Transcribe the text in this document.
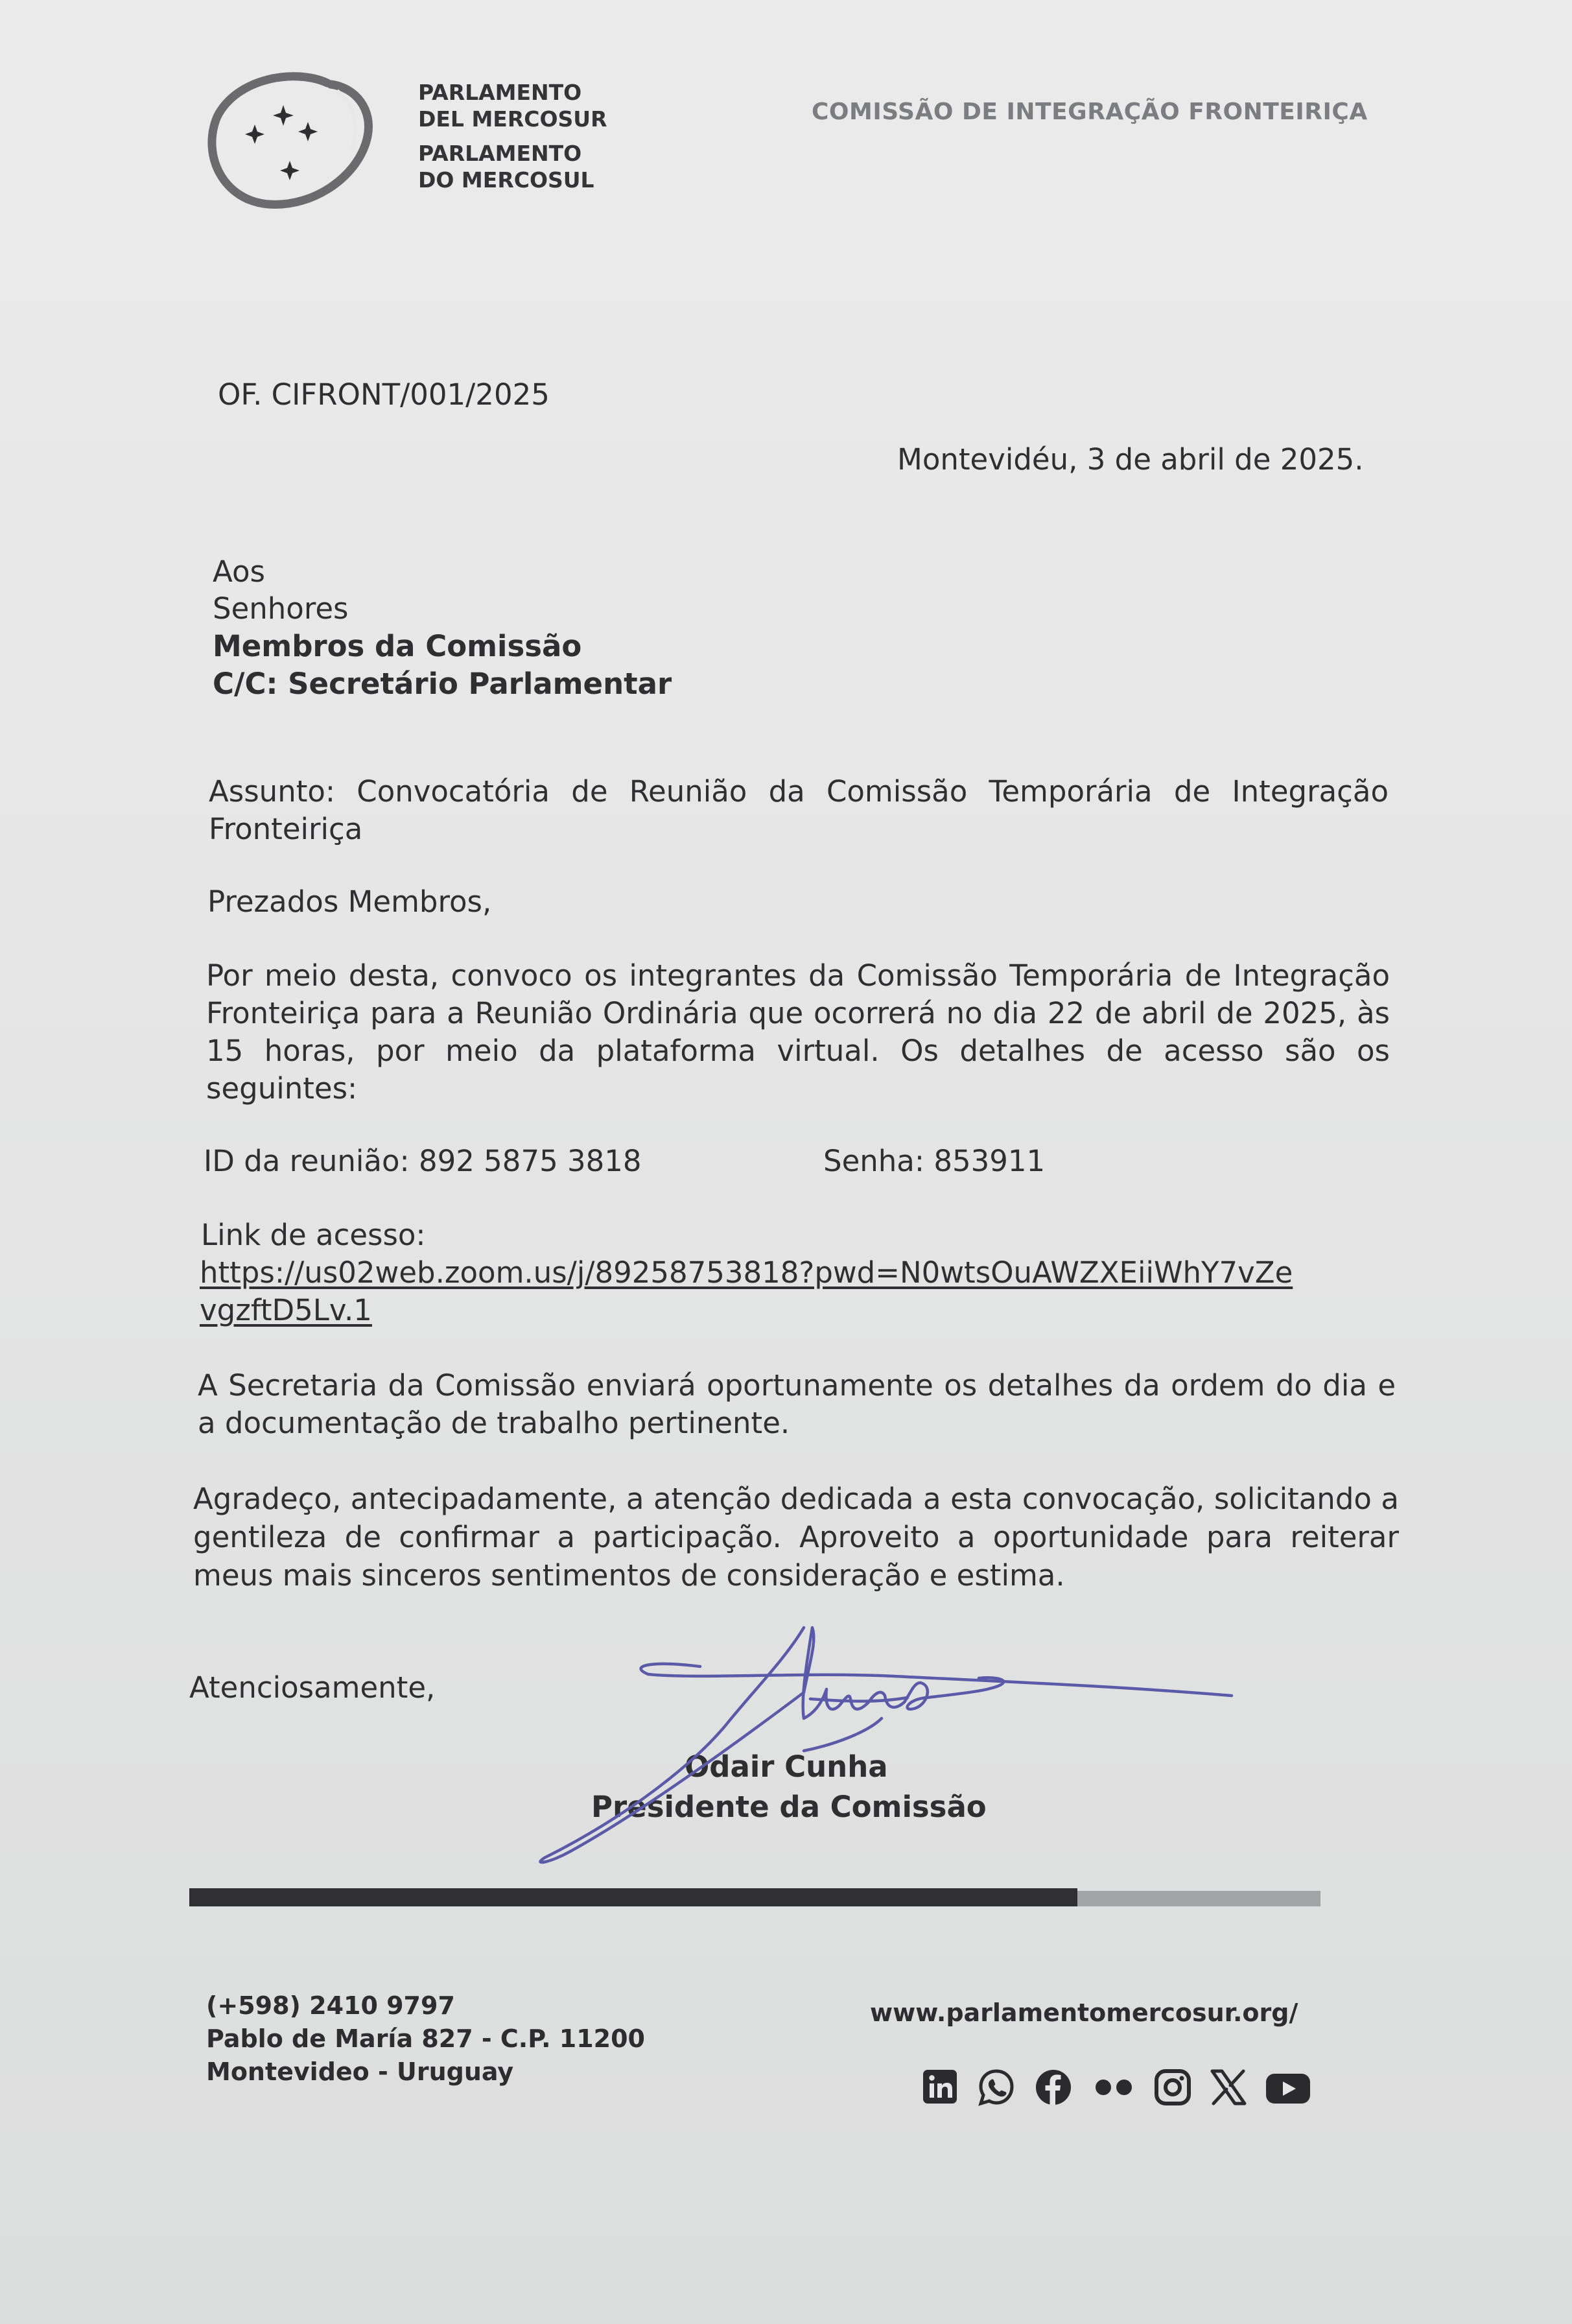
PARLAMENTO
DEL MERCOSUR
PARLAMENTO
DO MERCOSUL
COMISSÃO DE INTEGRAÇÃO FRONTEIRIÇA
OF. CIFRONT/001/2025
Montevidéu, 3 de abril de 2025.
Aos
Senhores
Membros da Comissão
C/C: Secretário Parlamentar
Assunto: Convocatória de Reunião da Comissão Temporária de Integração Fronteiriça
Prezados Membros,
Por meio desta, convoco os integrantes da Comissão Temporária de Integração Fronteiriça para a Reunião Ordinária que ocorrerá no dia 22 de abril de 2025, às 15 horas, por meio da plataforma virtual. Os detalhes de acesso são os seguintes:
ID da reunião: 892 5875 3818	Senha: 853911
Link de acesso:
https://us02web.zoom.us/j/89258753818?pwd=N0wtsOuAWZXEiiWhY7vZe
vgzftD5Lv.1
A Secretaria da Comissão enviará oportunamente os detalhes da ordem do dia e a documentação de trabalho pertinente.
Agradeço, antecipadamente, a atenção dedicada a esta convocação, solicitando a gentileza de confirmar a participação. Aproveito a oportunidade para reiterar meus mais sinceros sentimentos de consideração e estima.
Atenciosamente,
Odair Cunha
Presidente da Comissão
(+598) 2410 9797
Pablo de María 827 - C.P. 11200
Montevideo - Uruguay
www.parlamentomercosur.org/
